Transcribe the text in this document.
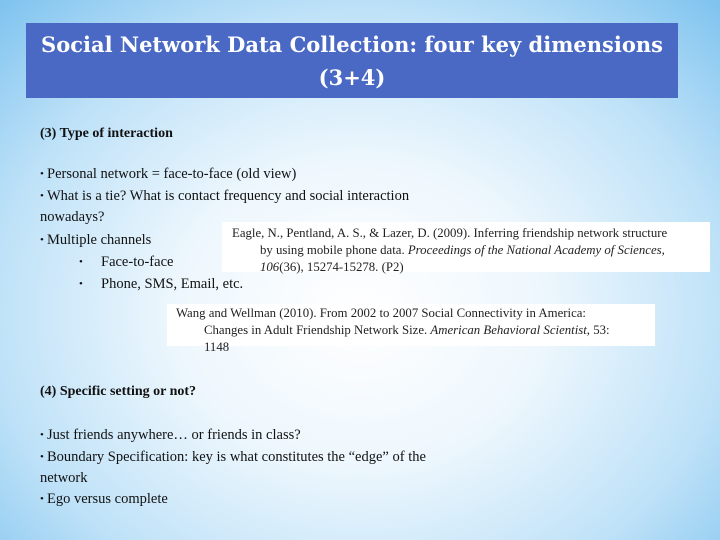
Social Network Data Collection: four key dimensions
(3+4)
(3) Type of interaction
• Personal network = face-to-face (old view)
• What is a tie? What is contact frequency and social interaction
nowadays?
• Multiple channels
• Face-to-face
• Phone, SMS, Email, etc.
Eagle, N., Pentland, A. S., & Lazer, D. (2009). Inferring friendship network structure
by using mobile phone data. Proceedings of the National Academy of Sciences,
106(36), 15274-15278. (P2)
Wang and Wellman (2010). From 2002 to 2007 Social Connectivity in America:
Changes in Adult Friendship Network Size. American Behavioral Scientist, 53:
1148
(4) Specific setting or not?
• Just friends anywhere… or friends in class?
• Boundary Specification: key is what constitutes the “edge” of the
network
• Ego versus complete
